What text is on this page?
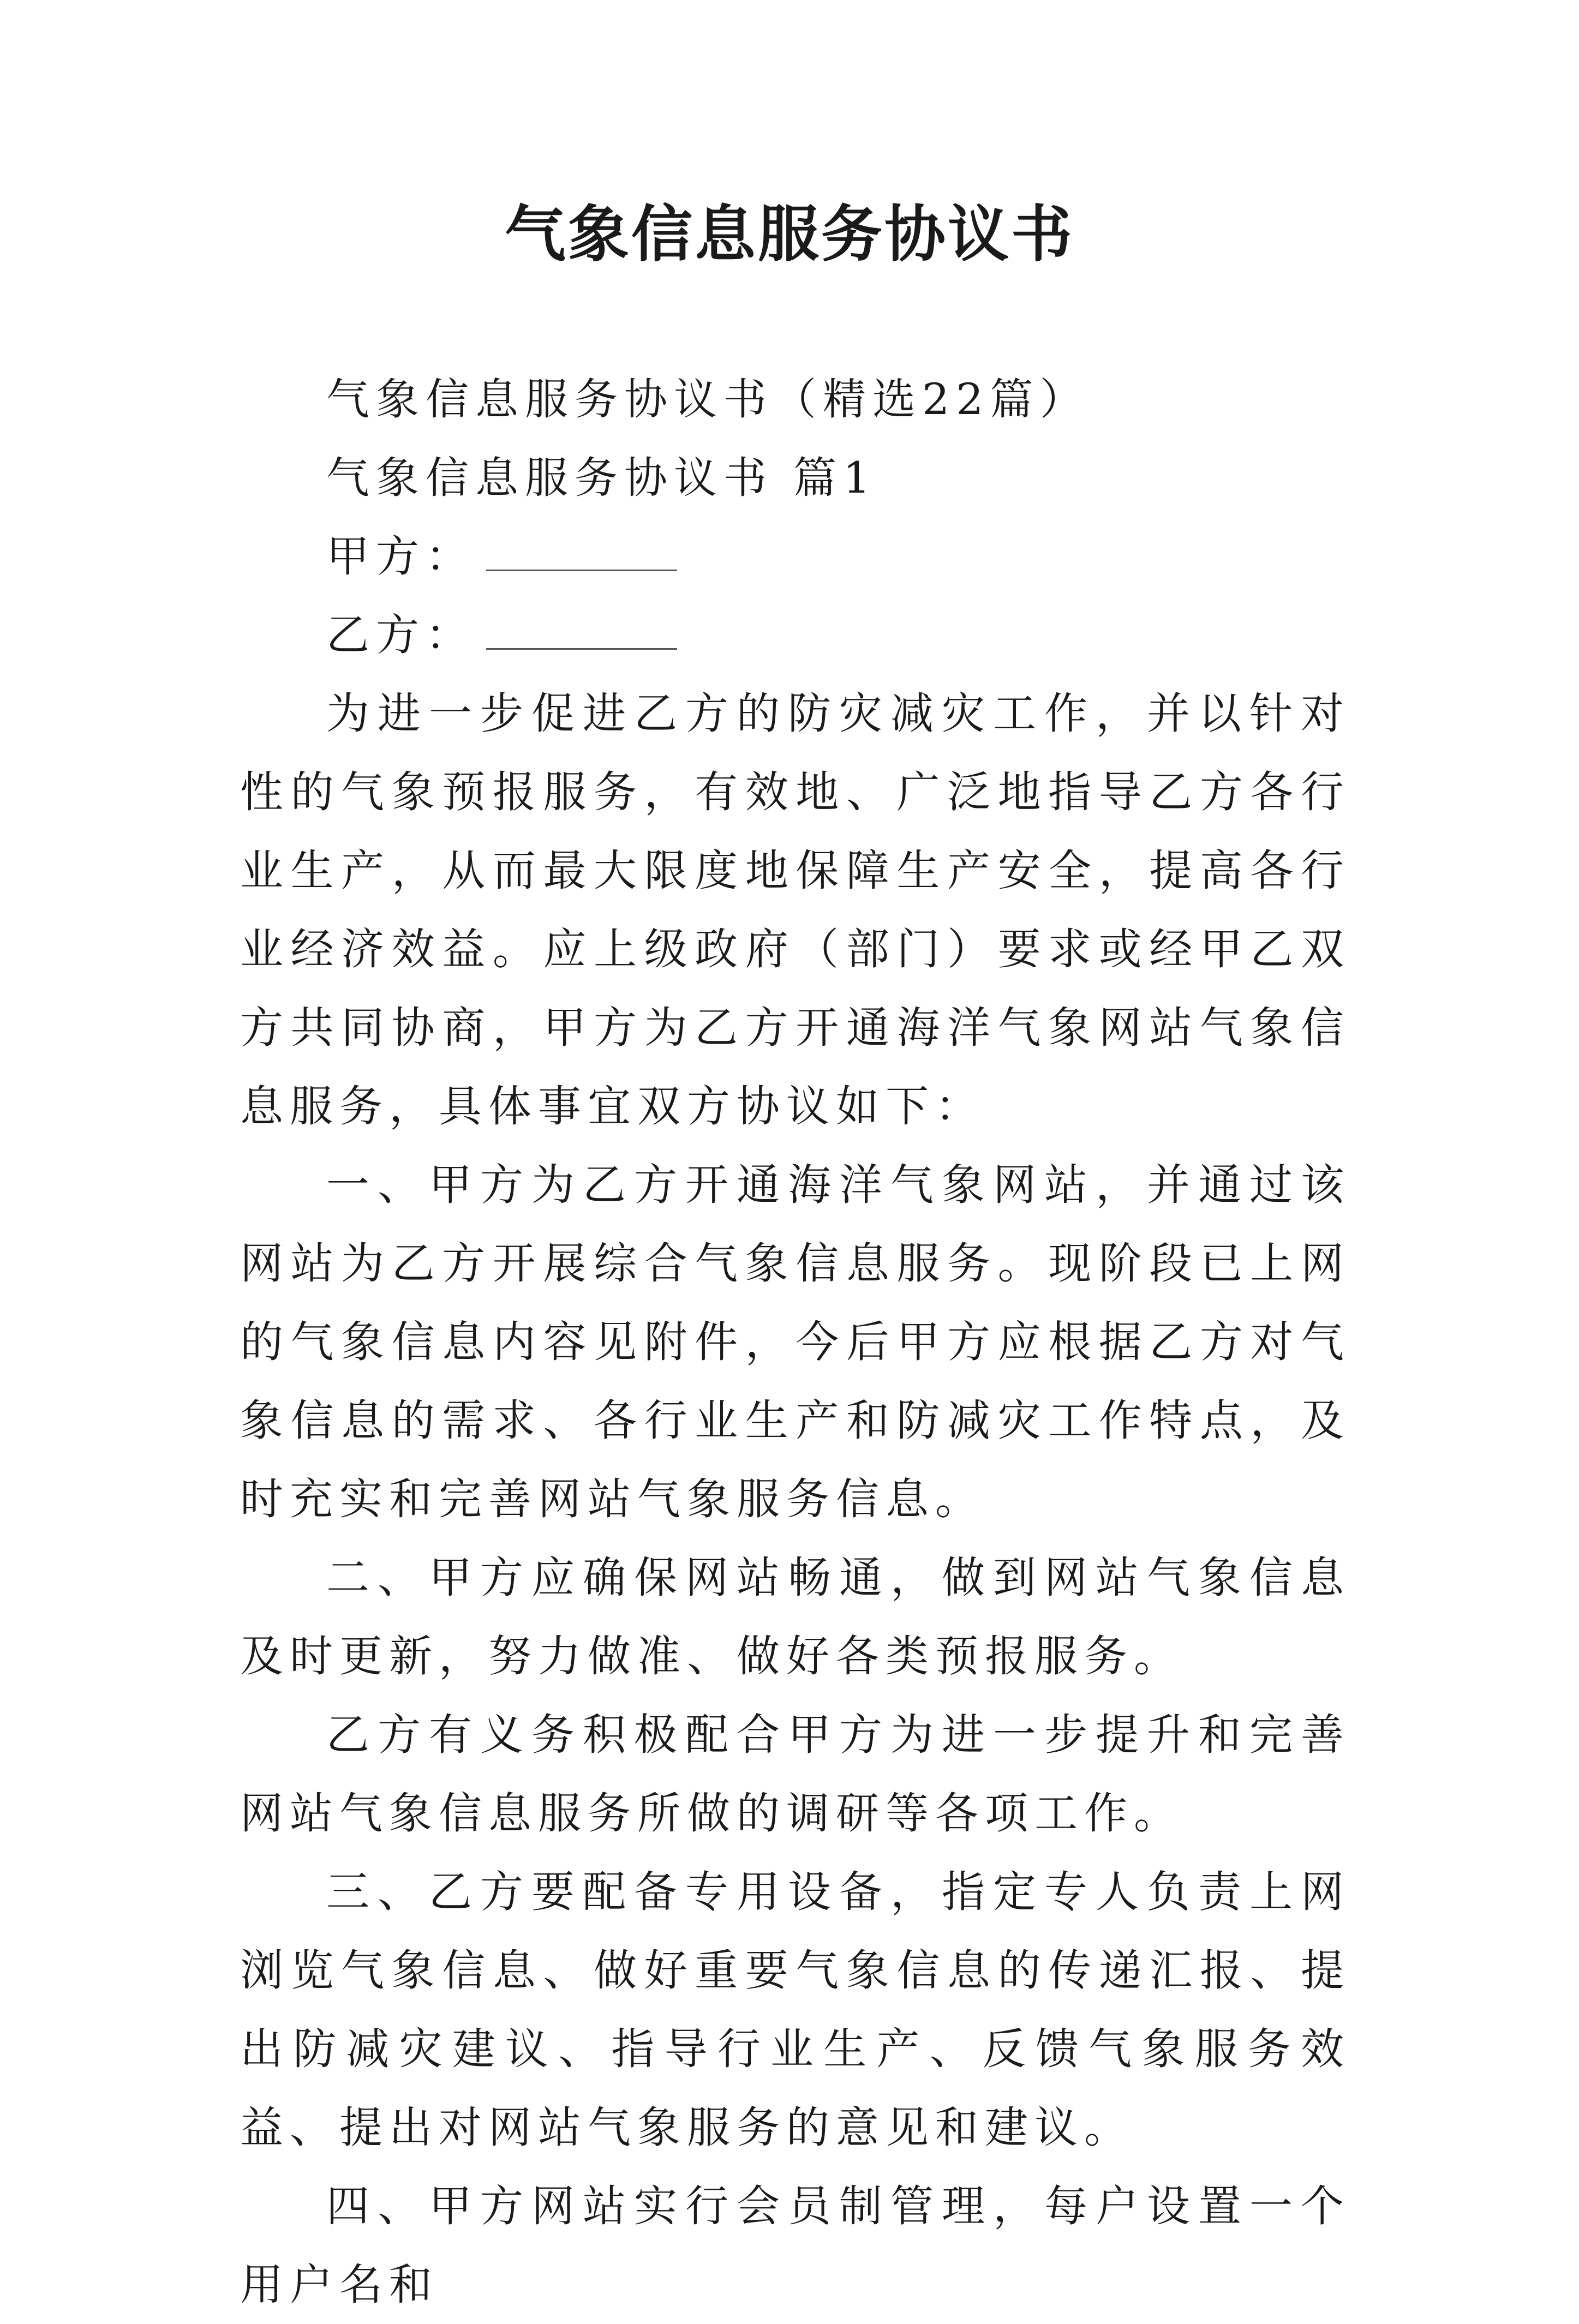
气象信息服务协议书

气象信息服务协议书（精选22篇）

气象信息服务协议书 篇1

甲方：

乙方：

为进一步促进乙方的防灾减灾工作，并以针对性的气象预报服务，有效地、广泛地指导乙方各行业生产，从而最大限度地保障生产安全，提高各行业经济效益。应上级政府（部门）要求或经甲乙双方共同协商，甲方为乙方开通海洋气象网站气象信息服务，具体事宜双方协议如下：

一、甲方为乙方开通海洋气象网站，并通过该网站为乙方开展综合气象信息服务。现阶段已上网的气象信息内容见附件，今后甲方应根据乙方对气象信息的需求、各行业生产和防减灾工作特点，及时充实和完善网站气象服务信息。

二、甲方应确保网站畅通，做到网站气象信息及时更新，努力做准、做好各类预报服务。

乙方有义务积极配合甲方为进一步提升和完善网站气象信息服务所做的调研等各项工作。

三、乙方要配备专用设备，指定专人负责上网浏览气象信息、做好重要气象信息的传递汇报、提出防减灾建议、指导行业生产、反馈气象服务效益、提出对网站气象服务的意见和建议。

四、甲方网站实行会员制管理，每户设置一个用户名和
